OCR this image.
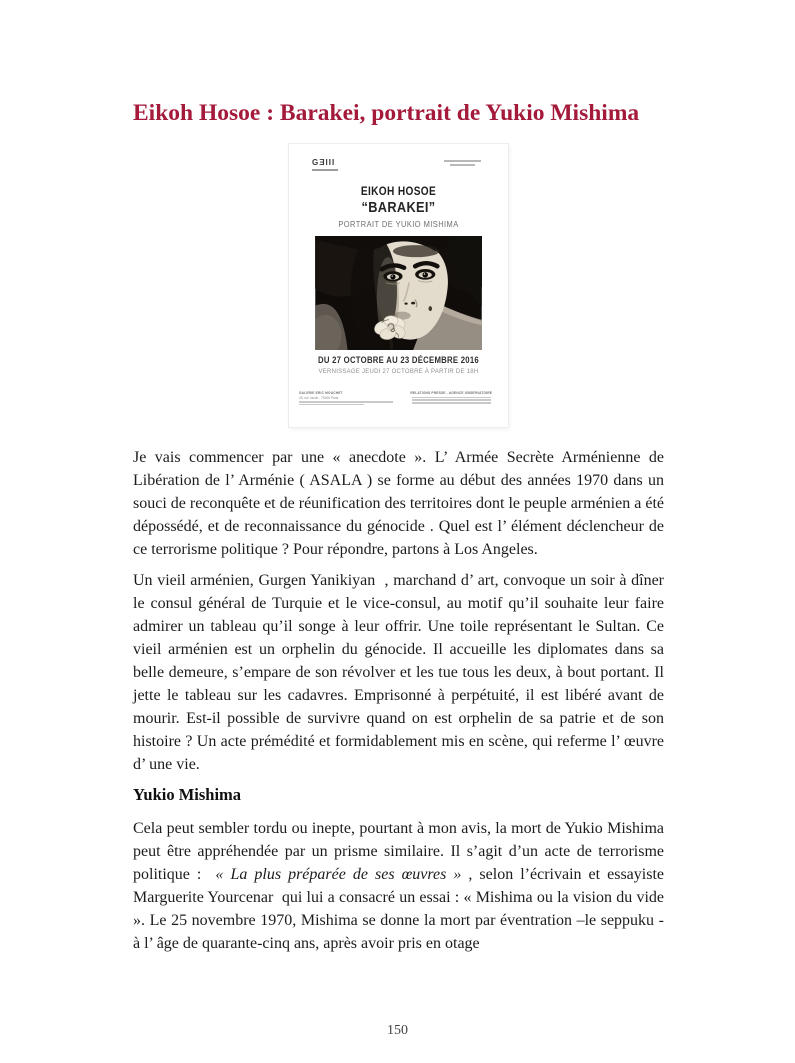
Eikoh Hosoe : Barakei, portrait de Yukio Mishima
GƎIII
EIKOH HOSOE
“BARAKEI”
PORTRAIT DE YUKIO MISHIMA
DU 27 OCTOBRE AU 23 DÉCEMBRE 2016
VERNISSAGE JEUDI 27 OCTOBRE À PARTIR DE 18H
GALERIE ERIC MOUCHET
45, rue Jacob - 75006 Paris
RELATIONS PRESSE - AGENCE OBSERVATOIRE

Je vais commencer par une « anecdote ». L’ Armée Secrète Arménienne de Libération de l’ Arménie ( ASALA ) se forme au début des années 1970 dans un souci de reconquête et de réunification des territoires dont le peuple arménien a été dépossédé, et de reconnaissance du génocide . Quel est l’ élément déclencheur de ce terrorisme politique ? Pour répondre, partons à Los Angeles.

Un vieil arménien, Gurgen Yanikiyan  , marchand d’ art, convoque un soir à dîner le consul général de Turquie et le vice-consul, au motif qu’il souhaite leur faire admirer un tableau qu’il songe à leur offrir. Une toile représentant le Sultan. Ce vieil arménien est un orphelin du génocide. Il accueille les diplomates dans sa belle demeure, s’empare de son révolver et les tue tous les deux, à bout portant. Il jette le tableau sur les cadavres. Emprisonné à perpétuité, il est libéré avant de mourir. Est-il possible de survivre quand on est orphelin de sa patrie et de son histoire ? Un acte prémédité et formidablement mis en scène, qui referme l’ œuvre d’ une vie.

Yukio Mishima

Cela peut sembler tordu ou inepte, pourtant à mon avis, la mort de Yukio Mishima peut être appréhendée par un prisme similaire. Il s’agit d’un acte de terrorisme politique :  « La plus préparée de ses œuvres » , selon l’écrivain et essayiste Marguerite Yourcenar  qui lui a consacré un essai : « Mishima ou la vision du vide ». Le 25 novembre 1970, Mishima se donne la mort par éventration –le seppuku - à l’ âge de quarante-cinq ans, après avoir pris en otage

150
